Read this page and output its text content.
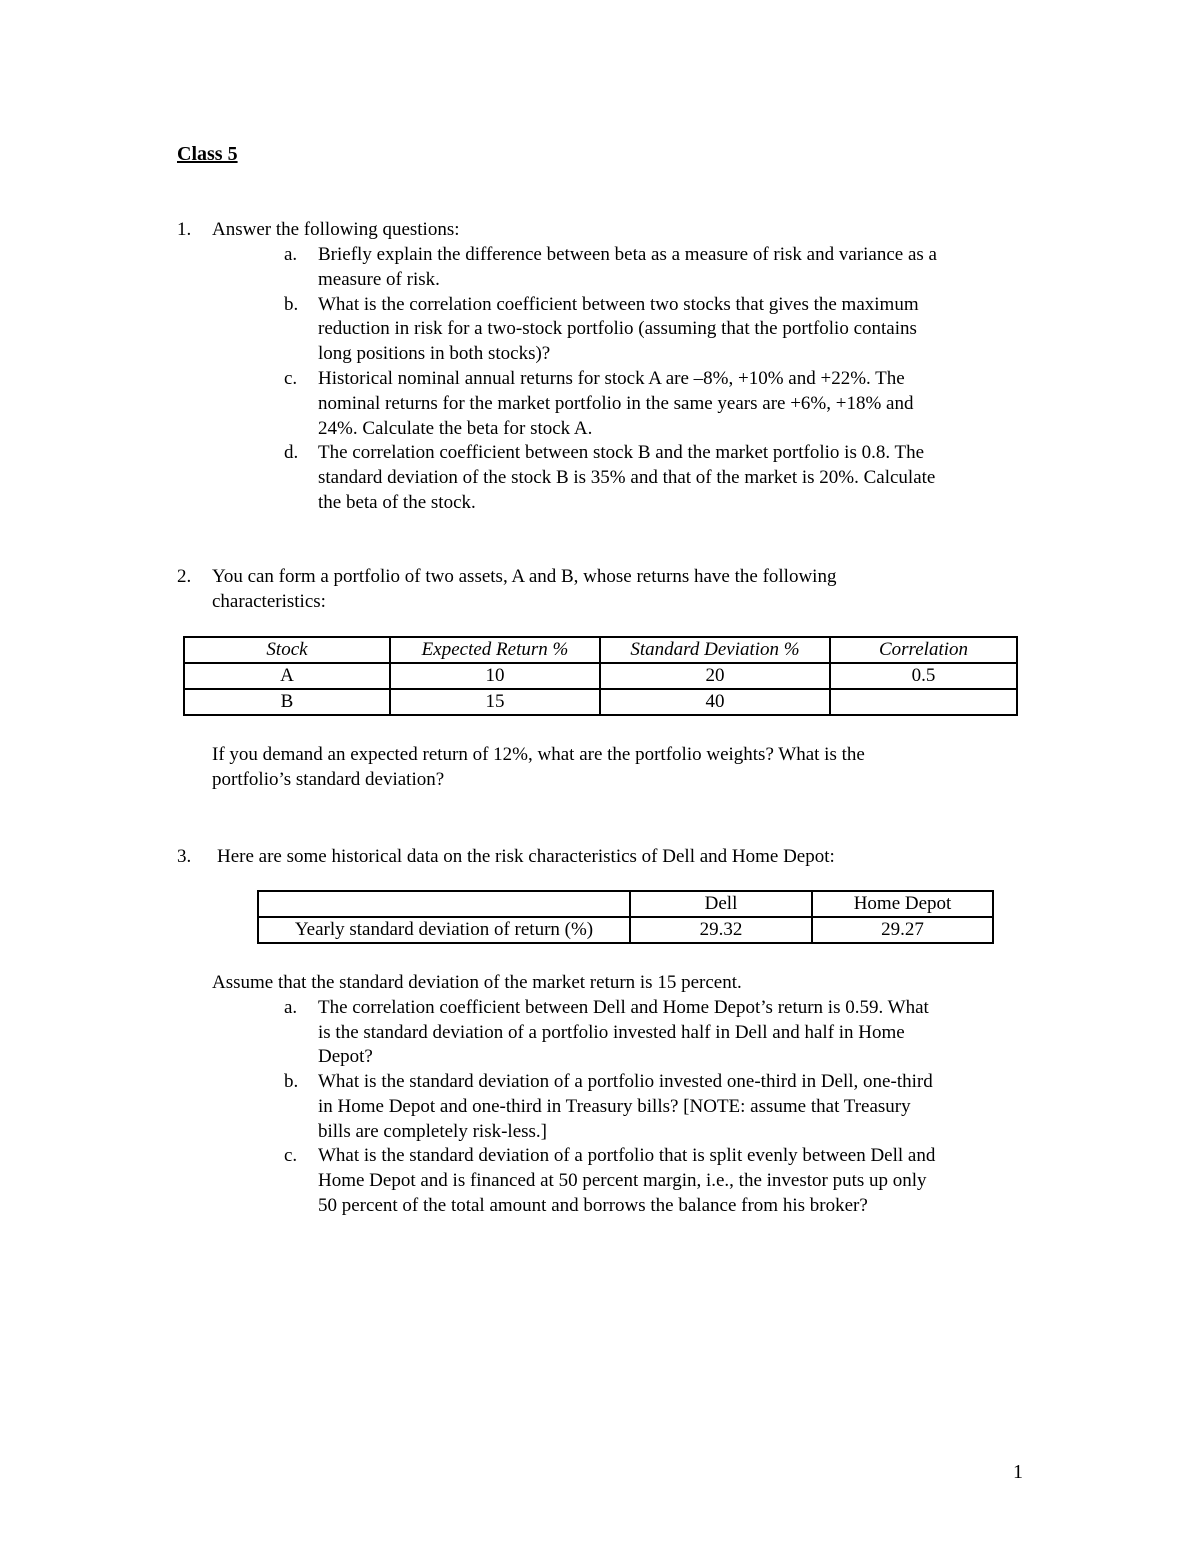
Class 5
1.	Answer the following questions:
a.	Briefly explain the difference between beta as a measure of risk and variance as a
measure of risk.
b.	What is the correlation coefficient between two stocks that gives the maximum
reduction in risk for a two-stock portfolio (assuming that the portfolio contains
long positions in both stocks)?
c.	Historical nominal annual returns for stock A are –8%, +10% and +22%. The
nominal returns for the market portfolio in the same years are +6%, +18% and
24%. Calculate the beta for stock A.
d.	The correlation coefficient between stock B and the market portfolio is 0.8. The
standard deviation of the stock B is 35% and that of the market is 20%. Calculate
the beta of the stock.
2.	You can form a portfolio of two assets, A and B, whose returns have the following
characteristics:
Stock	Expected Return %	Standard Deviation %	Correlation
A	10	20	0.5
B	15	40	
If you demand an expected return of 12%, what are the portfolio weights? What is the
portfolio’s standard deviation?
3.	Here are some historical data on the risk characteristics of Dell and Home Depot:
	Dell	Home Depot
Yearly standard deviation of return (%)	29.32	29.27
Assume that the standard deviation of the market return is 15 percent.
a.	The correlation coefficient between Dell and Home Depot’s return is 0.59. What
is the standard deviation of a portfolio invested half in Dell and half in Home
Depot?
b.	What is the standard deviation of a portfolio invested one-third in Dell, one-third
in Home Depot and one-third in Treasury bills? [NOTE: assume that Treasury
bills are completely risk-less.]
c.	What is the standard deviation of a portfolio that is split evenly between Dell and
Home Depot and is financed at 50 percent margin, i.e., the investor puts up only
50 percent of the total amount and borrows the balance from his broker?
1
